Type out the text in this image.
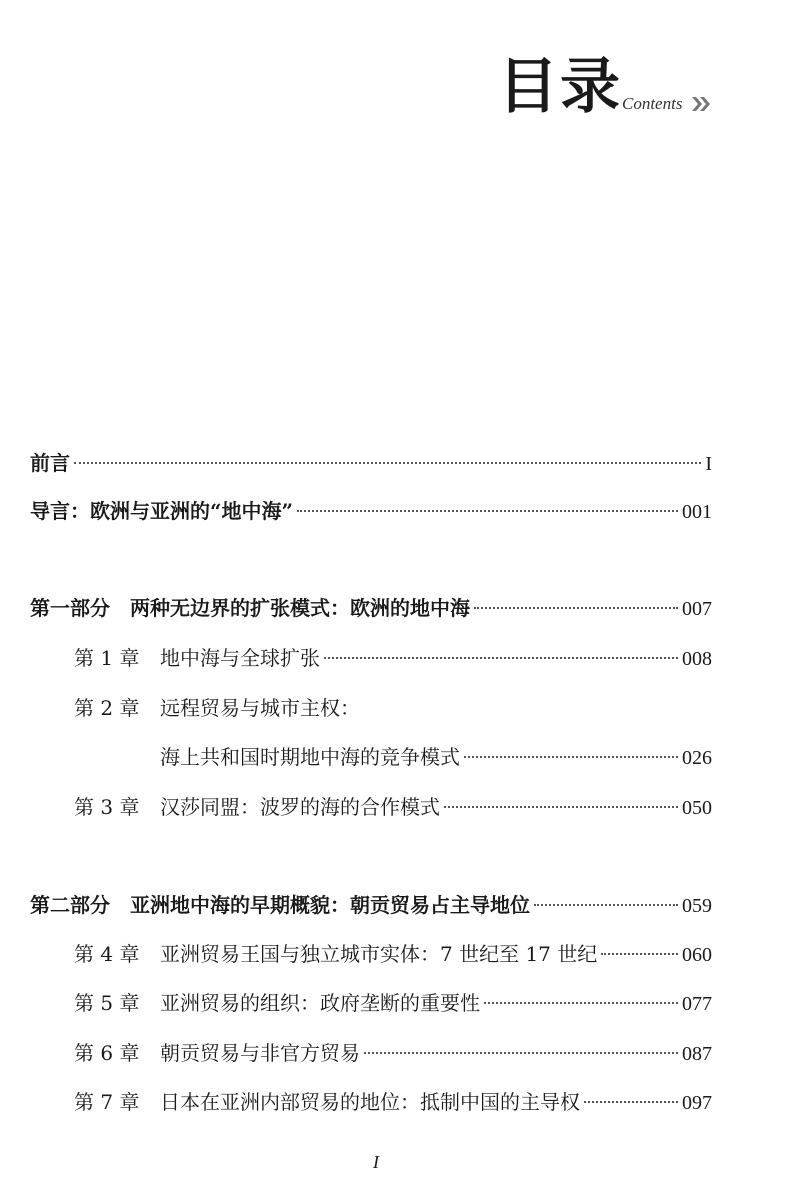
目录 Contents
前言	I
导言：欧洲与亚洲的“地中海”	001
第一部分　两种无边界的扩张模式：欧洲的地中海	007
第 1 章	地中海与全球扩张	008
第 2 章	远程贸易与城市主权：
海上共和国时期地中海的竞争模式	026
第 3 章	汉莎同盟：波罗的海的合作模式	050
第二部分　亚洲地中海的早期概貌：朝贡贸易占主导地位	059
第 4 章	亚洲贸易王国与独立城市实体：7 世纪至 17 世纪	060
第 5 章	亚洲贸易的组织：政府垄断的重要性	077
第 6 章	朝贡贸易与非官方贸易	087
第 7 章	日本在亚洲内部贸易的地位：抵制中国的主导权	097
I
